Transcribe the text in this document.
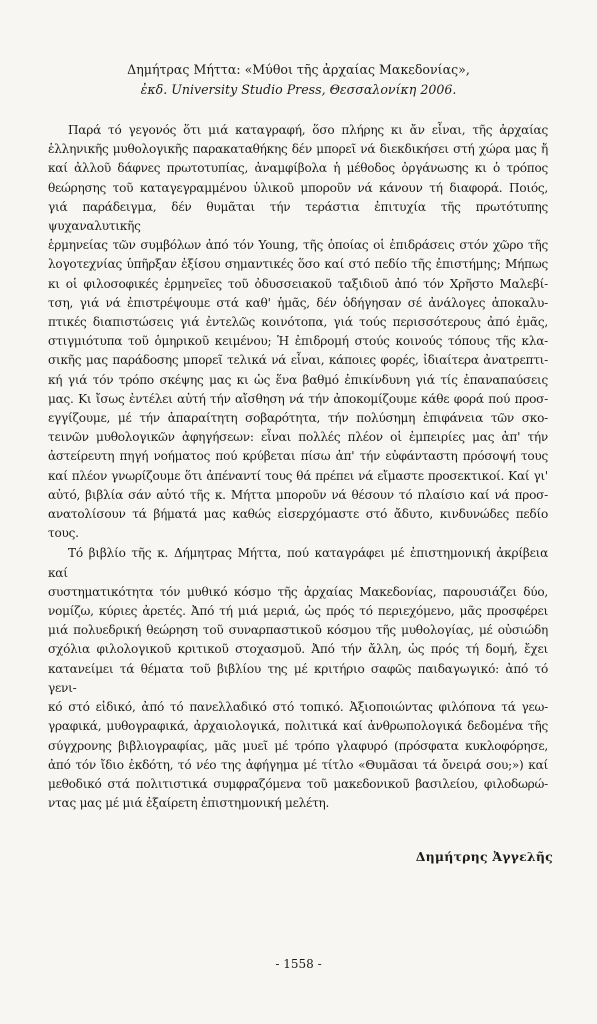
Δημήτρας Μήττα: «Μύθοι τῆς ἀρχαίας Μακεδονίας»,
ἐκδ. University Studio Press, Θεσσαλονίκη 2006.

Παρά τό γεγονός ὅτι μιά καταγραφή, ὅσο πλήρης κι ἄν εἶναι, τῆς ἀρχαίας
ἑλληνικῆς μυθολογικῆς παρακαταθήκης δέν μπορεῖ νά διεκδικήσει στή χώρα μας ἤ
καί ἀλλοῦ δάφνες πρωτοτυπίας, ἀναμφίβολα ἡ μέθοδος ὀργάνωσης κι ὁ τρόπος
θεώρησης τοῦ καταγεγραμμένου ὑλικοῦ μποροῦν νά κάνουν τή διαφορά. Ποιός,
γιά παράδειγμα, δέν θυμᾶται τήν τεράστια ἐπιτυχία τῆς πρωτότυπης ψυχαναλυτικῆς
ἑρμηνείας τῶν συμβόλων ἀπό τόν Young, τῆς ὁποίας οἱ ἐπιδράσεις στόν χῶρο τῆς
λογοτεχνίας ὑπῆρξαν ἐξίσου σημαντικές ὅσο καί στό πεδίο τῆς ἐπιστήμης; Μήπως
κι οἱ φιλοσοφικές ἑρμηνεῖες τοῦ ὀδυσσειακοῦ ταξιδιοῦ ἀπό τόν Χρῆστο Μαλεβί-
τση, γιά νά ἐπιστρέψουμε στά καθ' ἡμᾶς, δέν ὁδήγησαν σέ ἀνάλογες ἀποκαλυ-
πτικές διαπιστώσεις γιά ἐντελῶς κοινότοπα, γιά τούς περισσότερους ἀπό ἐμᾶς,
στιγμιότυπα τοῦ ὁμηρικοῦ κειμένου; Ἡ ἐπιδρομή στούς κοινούς τόπους τῆς κλα-
σικῆς μας παράδοσης μπορεῖ τελικά νά εἶναι, κάποιες φορές, ἰδιαίτερα ἀνατρεπτι-
κή γιά τόν τρόπο σκέψης μας κι ὡς ἕνα βαθμό ἐπικίνδυνη γιά τίς ἐπαναπαύσεις
μας. Κι ἴσως ἐντέλει αὐτή τήν αἴσθηση νά τήν ἀποκομίζουμε κάθε φορά πού προσ-
εγγίζουμε, μέ τήν ἀπαραίτητη σοβαρότητα, τήν πολύσημη ἐπιφάνεια τῶν σκο-
τεινῶν μυθολογικῶν ἀφηγήσεων: εἶναι πολλές πλέον οἱ ἐμπειρίες μας ἀπ' τήν
ἀστείρευτη πηγή νοήματος πού κρύβεται πίσω ἀπ' τήν εὐφάνταστη πρόσοψή τους
καί πλέον γνωρίζουμε ὅτι ἀπέναντί τους θά πρέπει νά εἴμαστε προσεκτικοί. Καί γι'
αὐτό, βιβλία σάν αὐτό τῆς κ. Μήττα μποροῦν νά θέσουν τό πλαίσιο καί νά προσ-
ανατολίσουν τά βήματά μας καθώς εἰσερχόμαστε στό ἄδυτο, κινδυνώδες πεδίο
τους.

Τό βιβλίο τῆς κ. Δήμητρας Μήττα, πού καταγράφει μέ ἐπιστημονική ἀκρίβεια καί
συστηματικότητα τόν μυθικό κόσμο τῆς ἀρχαίας Μακεδονίας, παρουσιάζει δύο,
νομίζω, κύριες ἀρετές. Ἀπό τή μιά μεριά, ὡς πρός τό περιεχόμενο, μᾶς προσφέρει
μιά πολυεδρική θεώρηση τοῦ συναρπαστικοῦ κόσμου τῆς μυθολογίας, μέ οὐσιώδη
σχόλια φιλολογικοῦ κριτικοῦ στοχασμοῦ. Ἀπό τήν ἄλλη, ὡς πρός τή δομή, ἔχει
κατανείμει τά θέματα τοῦ βιβλίου της μέ κριτήριο σαφῶς παιδαγωγικό: ἀπό τό γενι-
κό στό εἰδικό, ἀπό τό πανελλαδικό στό τοπικό. Ἀξιοποιώντας φιλόπονα τά γεω-
γραφικά, μυθογραφικά, ἀρχαιολογικά, πολιτικά καί ἀνθρωπολογικά δεδομένα τῆς
σύγχρονης βιβλιογραφίας, μᾶς μυεῖ μέ τρόπο γλαφυρό (πρόσφατα κυκλοφόρησε,
ἀπό τόν ἴδιο ἐκδότη, τό νέο της ἀφήγημα μέ τίτλο «Θυμᾶσαι τά ὄνειρά σου;») καί
μεθοδικό στά πολιτιστικά συμφραζόμενα τοῦ μακεδονικοῦ βασιλείου, φιλοδωρώ-
ντας μας μέ μιά ἐξαίρετη ἐπιστημονική μελέτη.

Δημήτρης Ἀγγελῆς
- 1558 -
